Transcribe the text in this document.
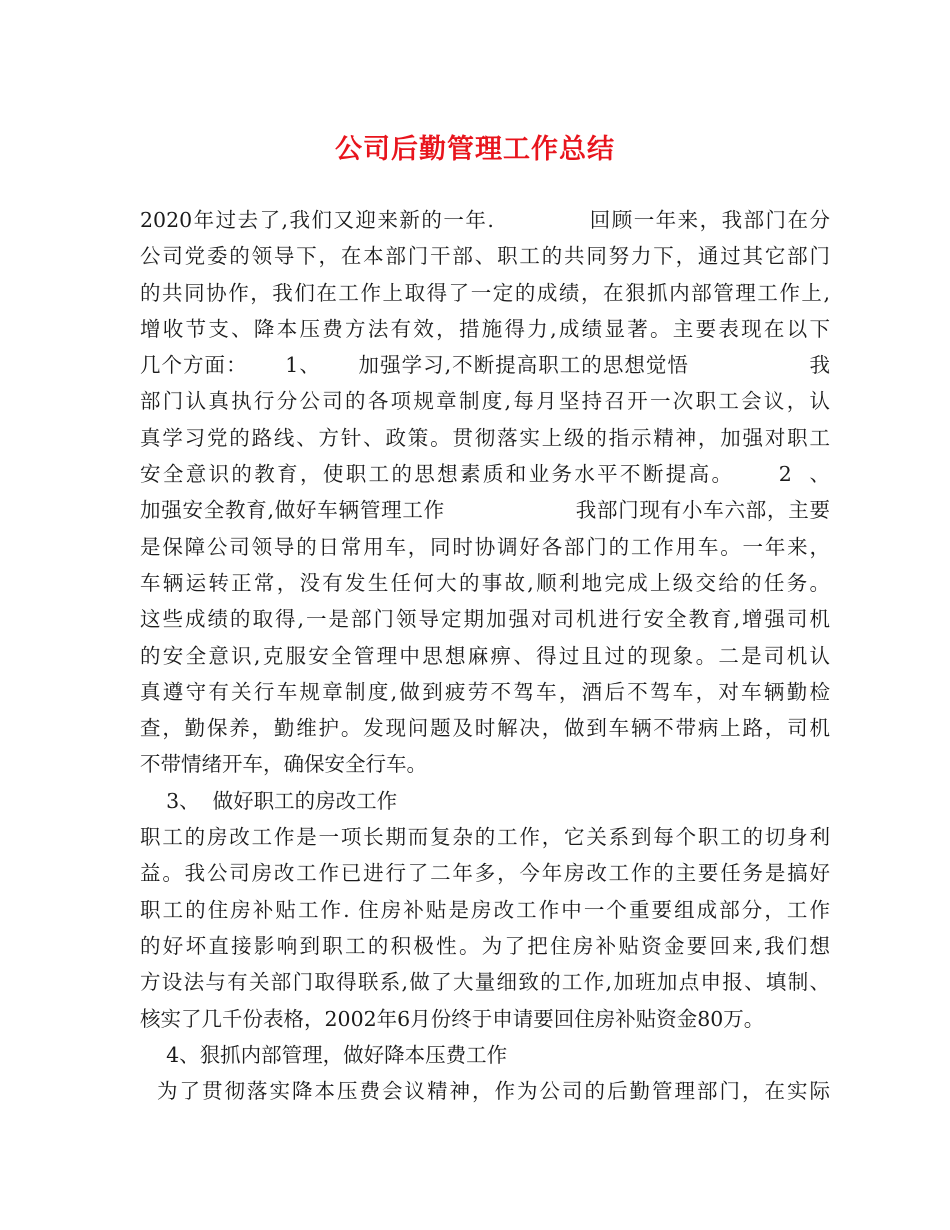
公司后勤管理工作总结
2020年过去了,我们又迎来新的一年.            回顾一年来，我部门在分
公司党委的领导下，在本部门干部、职工的共同努力下，通过其它部门
的共同协作，我们在工作上取得了一定的成绩，在狠抓内部管理工作上,
增收节支、降本压费方法有效，措施得力,成绩显著。主要表现在以下
几个方面：     1、     加强学习,不断提高职工的思想觉悟                我
部门认真执行分公司的各项规章制度,每月坚持召开一次职工会议，认
真学习党的路线、方针、政策。贯彻落实上级的指示精神，加强对职工
安全意识的教育，使职工的思想素质和业务水平不断提高。     2  、
加强安全教育,做好车辆管理工作                  我部门现有小车六部，主要
是保障公司领导的日常用车，同时协调好各部门的工作用车。一年来，
车辆运转正常，没有发生任何大的事故,顺利地完成上级交给的任务。
这些成绩的取得,一是部门领导定期加强对司机进行安全教育,增强司机
的安全意识,克服安全管理中思想麻痹、得过且过的现象。二是司机认
真遵守有关行车规章制度,做到疲劳不驾车，酒后不驾车，对车辆勤检
查，勤保养，勤维护。发现问题及时解决，做到车辆不带病上路，司机
不带情绪开车，确保安全行车。
3、  做好职工的房改工作
职工的房改工作是一项长期而复杂的工作，它关系到每个职工的切身利
益。我公司房改工作已进行了二年多，今年房改工作的主要任务是搞好
职工的住房补贴工作. 住房补贴是房改工作中一个重要组成部分，工作
的好坏直接影响到职工的积极性。为了把住房补贴资金要回来,我们想
方设法与有关部门取得联系,做了大量细致的工作,加班加点申报、填制、
核实了几千份表格，2002年6月份终于申请要回住房补贴资金80万。
4、狠抓内部管理，做好降本压费工作
为了贯彻落实降本压费会议精神，作为公司的后勤管理部门，在实际
